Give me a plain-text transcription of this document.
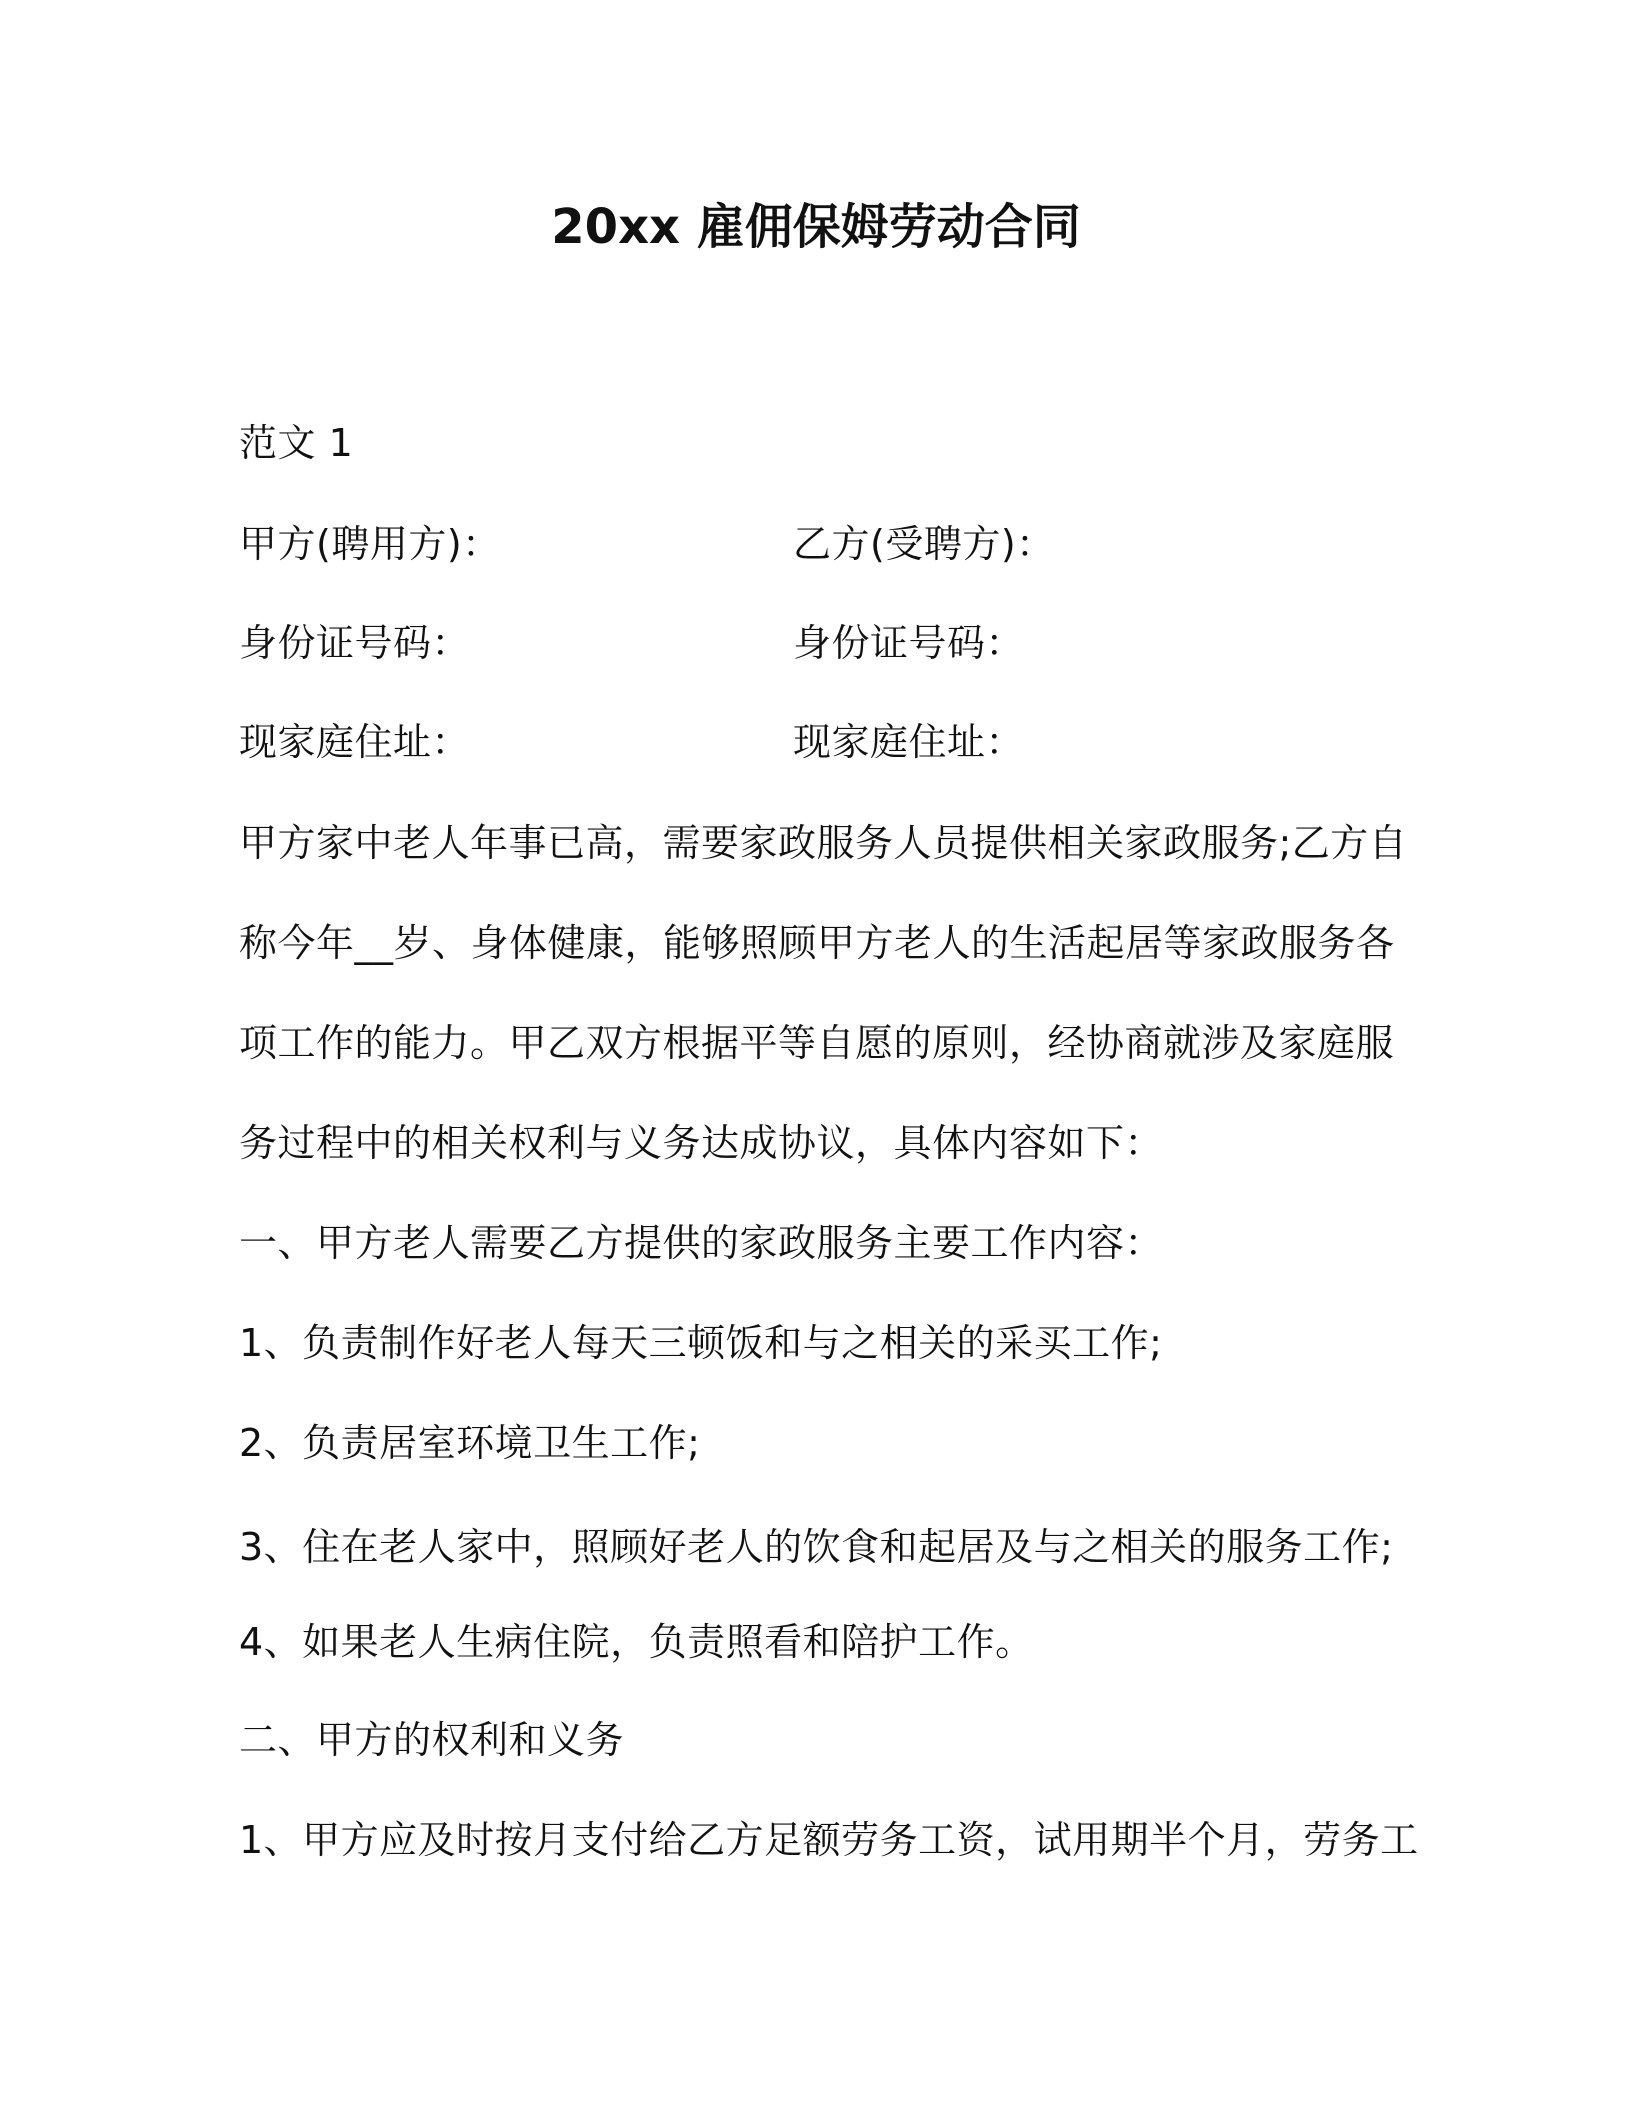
20xx 雇佣保姆劳动合同
范文 1
甲方(聘用方)：	乙方(受聘方)：
身份证号码：	身份证号码：
现家庭住址：	现家庭住址：
甲方家中老人年事已高，需要家政服务人员提供相关家政服务;乙方自
称今年__岁、身体健康，能够照顾甲方老人的生活起居等家政服务各
项工作的能力。甲乙双方根据平等自愿的原则，经协商就涉及家庭服
务过程中的相关权利与义务达成协议，具体内容如下：
一、甲方老人需要乙方提供的家政服务主要工作内容：
1、负责制作好老人每天三顿饭和与之相关的采买工作;
2、负责居室环境卫生工作;
3、住在老人家中，照顾好老人的饮食和起居及与之相关的服务工作;
4、如果老人生病住院，负责照看和陪护工作。
二、甲方的权利和义务
1、甲方应及时按月支付给乙方足额劳务工资，试用期半个月，劳务工
